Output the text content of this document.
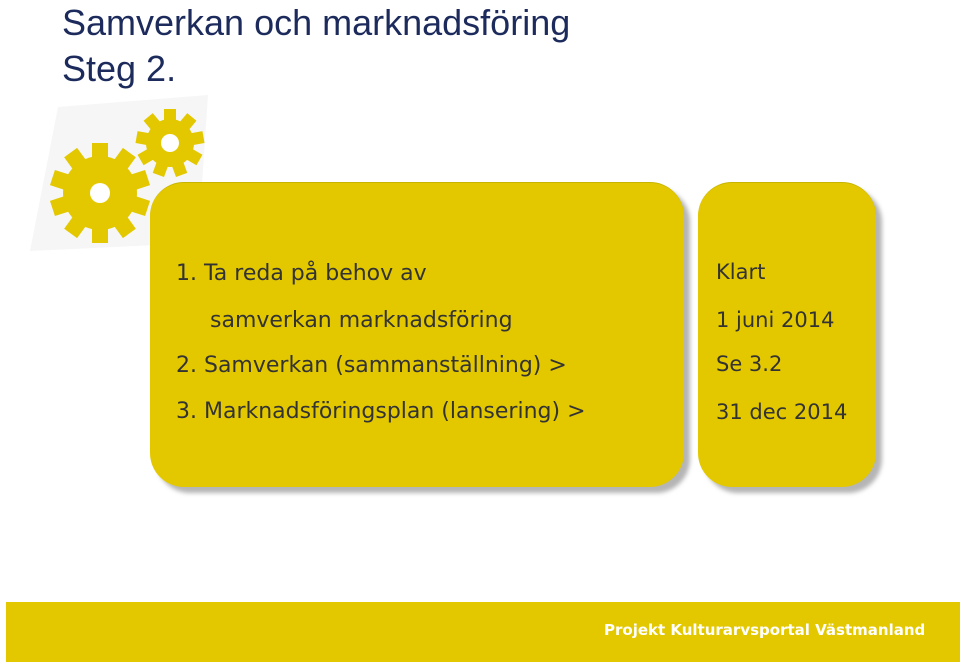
Samverkan och marknadsföring
Steg 2.
1. Ta reda på behov av
samverkan marknadsföring
2. Samverkan (sammanställning) >
3. Marknadsföringsplan (lansering) >
Klart
1 juni 2014
Se 3.2
31 dec 2014
Projekt Kulturarvsportal Västmanland
